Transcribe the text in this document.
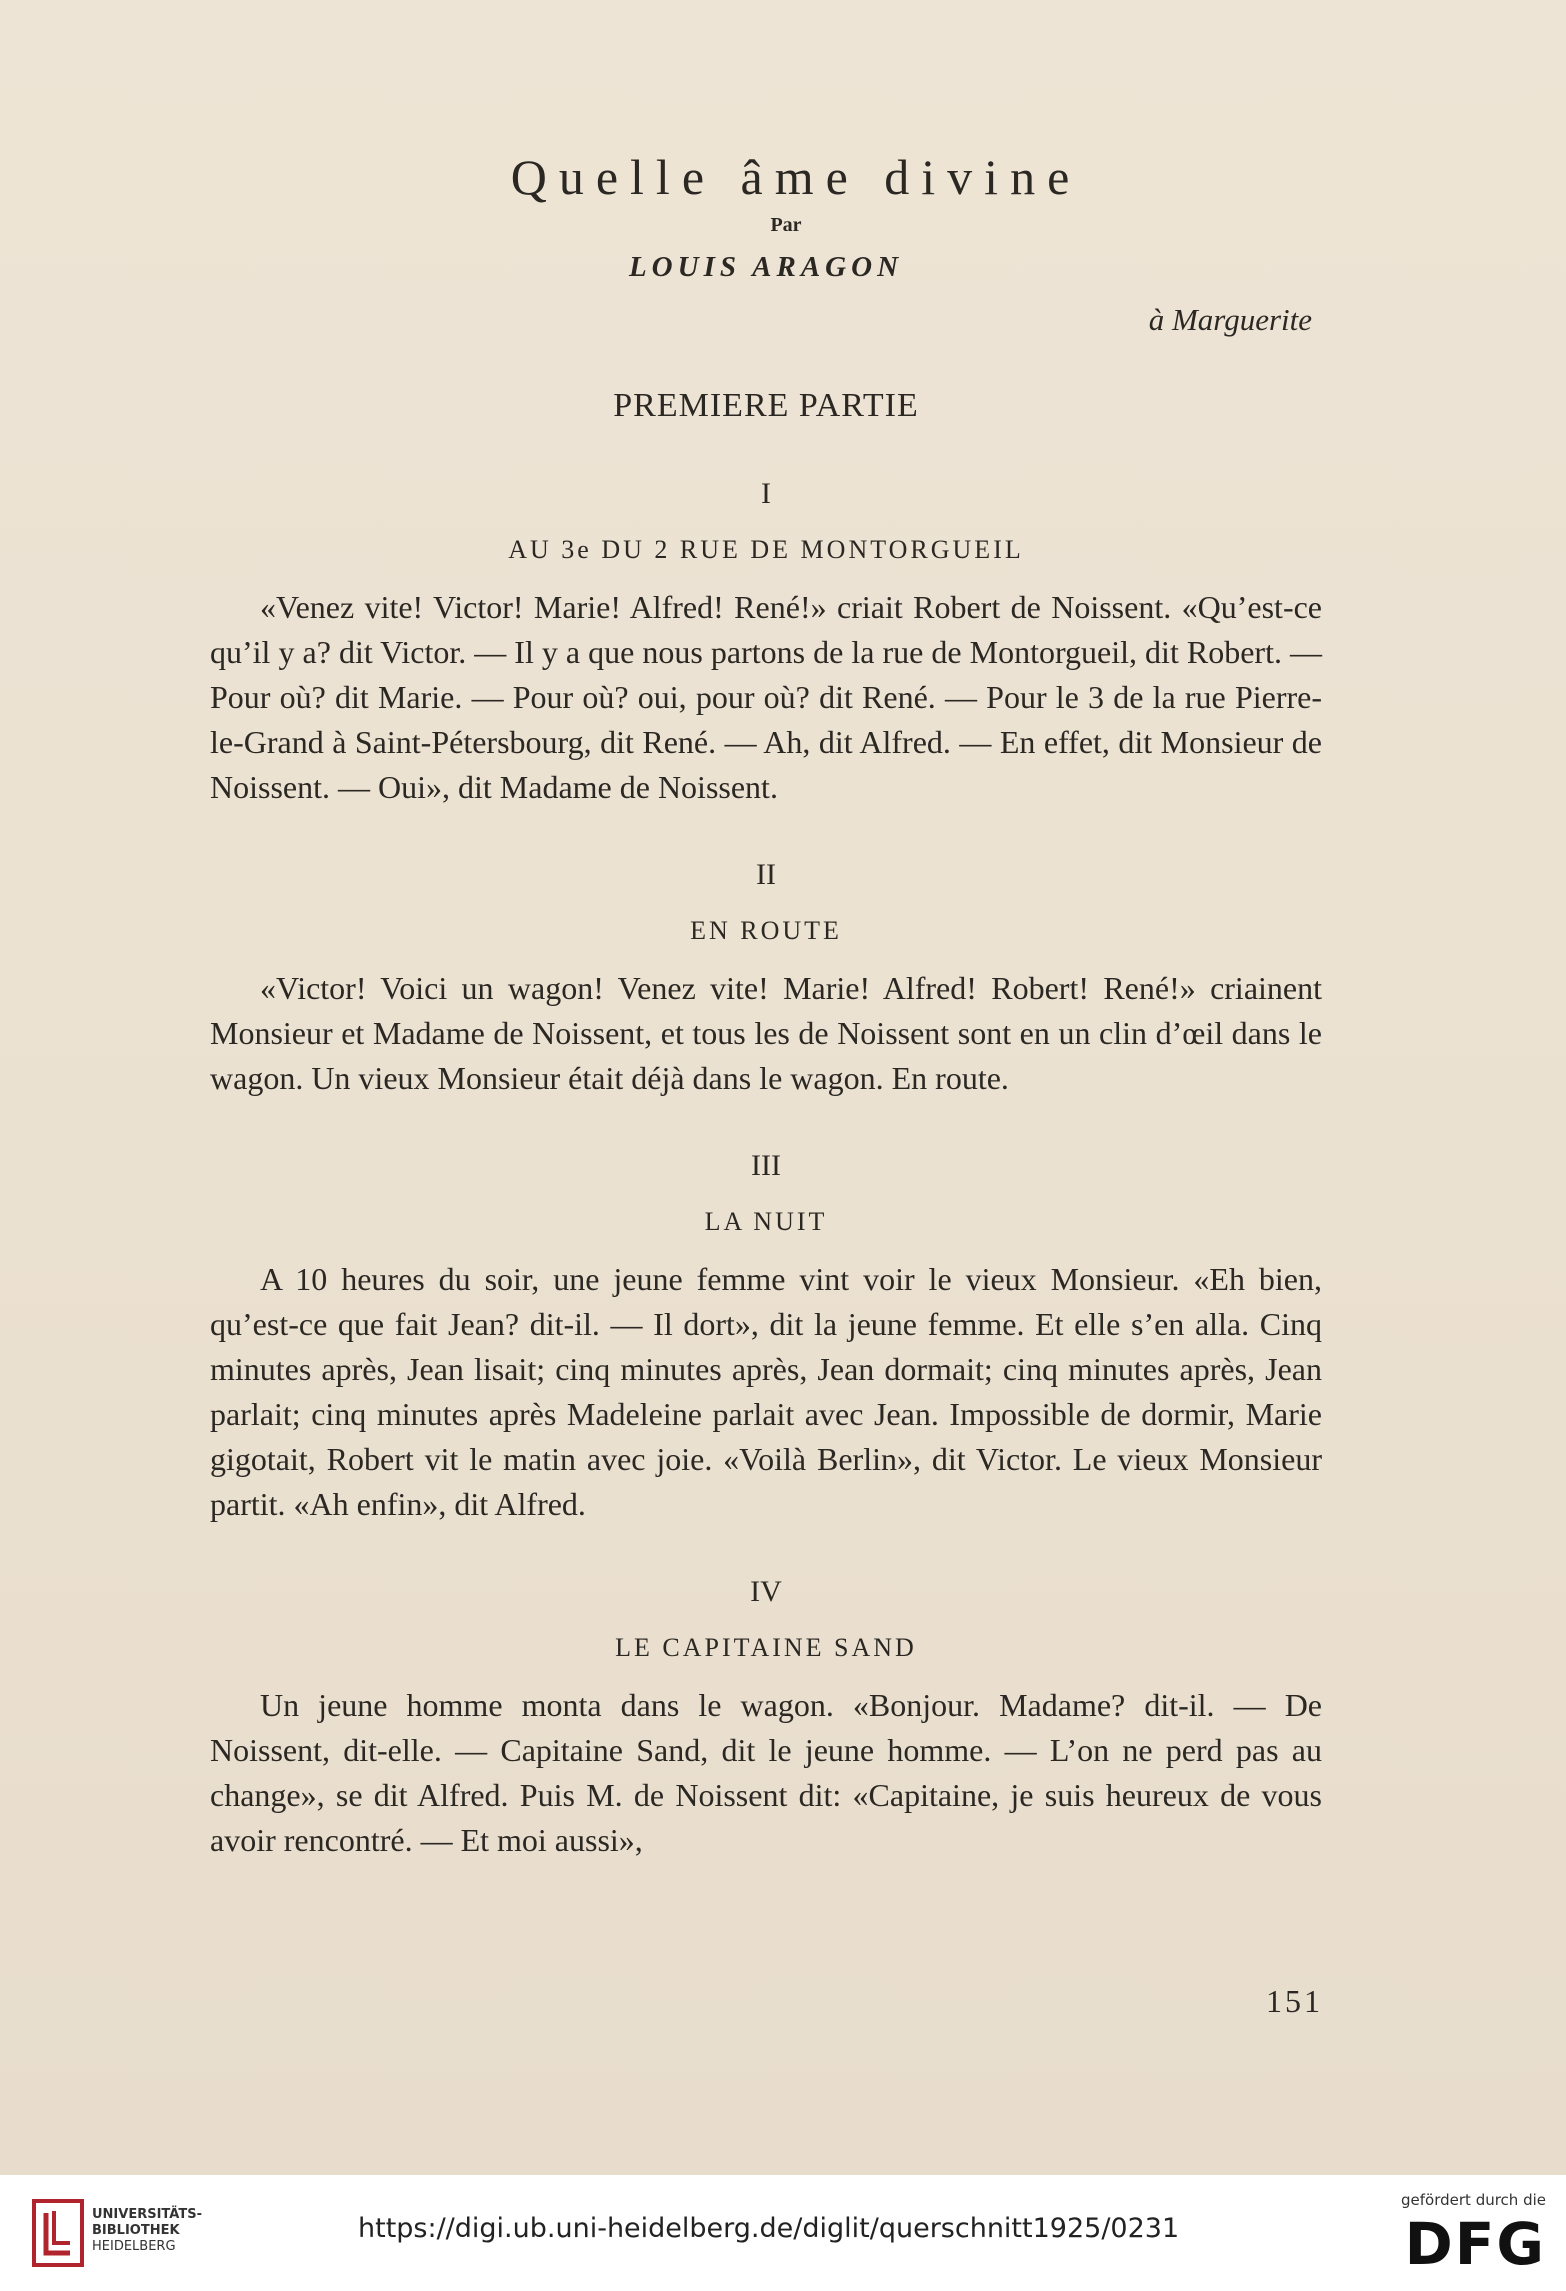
Quelle âme divine
Par
LOUIS ARAGON
à Marguerite
PREMIERE PARTIE
I
AU 3e DU 2 RUE DE MONTORGUEIL

«Venez vite! Victor! Marie! Alfred! René!» criait Robert de Noissent. «Qu’est-ce qu’il y a? dit Victor. — Il y a que nous partons de la rue de Montorgueil, dit Robert. — Pour où? dit Marie. — Pour où? oui, pour où? dit René. — Pour le 3 de la rue Pierre-le-Grand à Saint-Pétersbourg, dit René. — Ah, dit Alfred. — En effet, dit Monsieur de Noissent. — Oui», dit Madame de Noissent.

II
EN ROUTE

«Victor! Voici un wagon! Venez vite! Marie! Alfred! Robert! René!» criainent Monsieur et Madame de Noissent, et tous les de Noissent sont en un clin d’œil dans le wagon. Un vieux Monsieur était déjà dans le wagon. En route.

III
LA NUIT

A 10 heures du soir, une jeune femme vint voir le vieux Monsieur. «Eh bien, qu’est-ce que fait Jean? dit-il. — Il dort», dit la jeune femme. Et elle s’en alla. Cinq minutes après, Jean lisait; cinq minutes après, Jean dormait; cinq minutes après, Jean parlait; cinq minutes après Madeleine parlait avec Jean. Impossible de dormir, Marie gigotait, Robert vit le matin avec joie. «Voilà Berlin», dit Victor. Le vieux Monsieur partit. «Ah enfin», dit Alfred.

IV
LE CAPITAINE SAND

Un jeune homme monta dans le wagon. «Bonjour. Madame? dit-il. — De Noissent, dit-elle. — Capitaine Sand, dit le jeune homme. — L’on ne perd pas au change», se dit Alfred. Puis M. de Noissent dit: «Capitaine, je suis heureux de vous avoir rencontré. — Et moi aussi»,

151
UNIVERSITÄTS-
BIBLIOTHEK
HEIDELBERG
https://digi.ub.uni-heidelberg.de/diglit/querschnitt1925/0231
gefördert durch die
DFG
